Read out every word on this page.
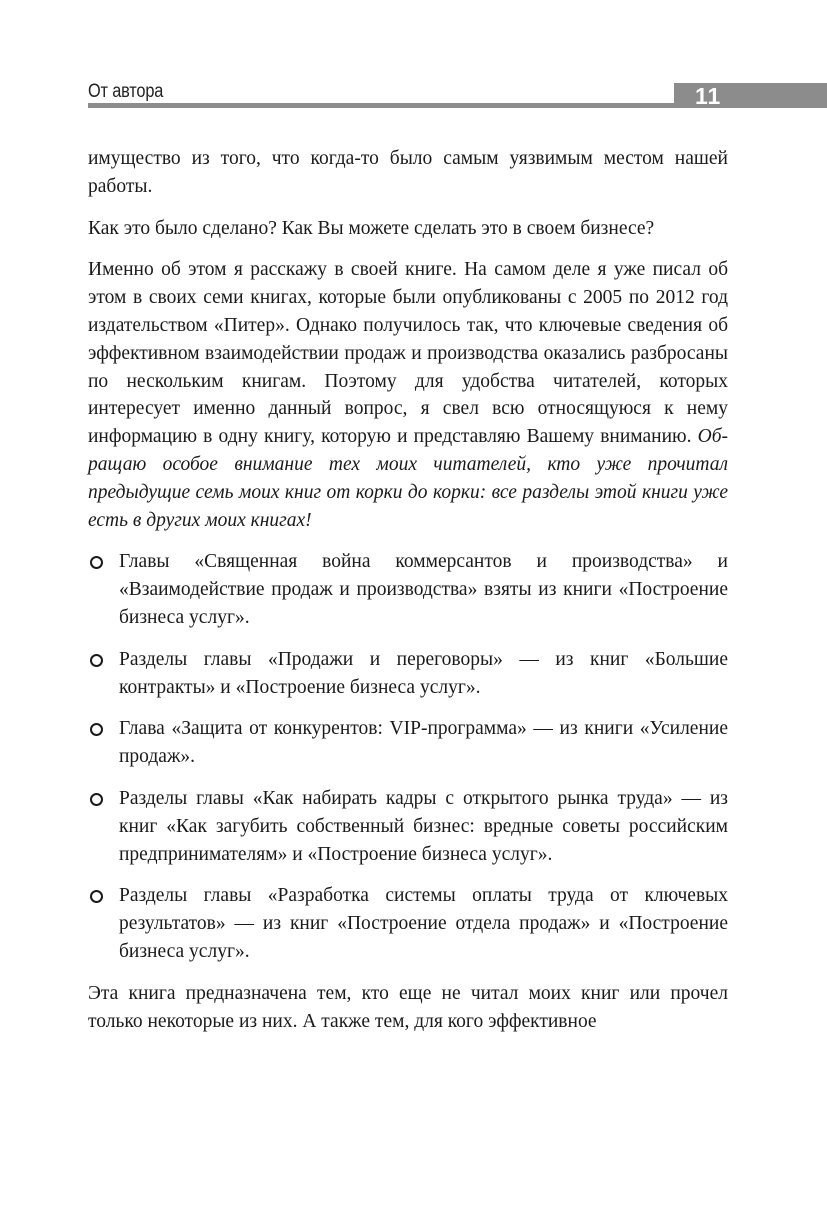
От автора	11

имущество из того, что когда-то было самым уязвимым местом нашей работы.

Как это было сделано? Как Вы можете сделать это в своем бизнесе?

Именно об этом я расскажу в своей книге. На самом деле я уже писал об этом в своих семи книгах, которые были опубликованы с 2005 по 2012 год издательством «Питер». Однако получилось так, что ключевые сведения об эффективном взаимодействии продаж и производства оказались разбросаны по нескольким книгам. Поэтому для удобства читателей, которых интересует именно данный вопрос, я свел всю относящуюся к нему информацию в одну книгу, которую и представляю Вашему вниманию. Обращаю особое внимание тех моих читателей, кто уже прочитал предыдущие семь моих книг от корки до корки: все разделы этой книги уже есть в других моих книгах!

Главы «Священная война коммерсантов и производства» и «Взаимодействие продаж и производства» взяты из книги «Построение бизнеса услуг».
Разделы главы «Продажи и переговоры» — из книг «Большие контракты» и «Построение бизнеса услуг».
Глава «Защита от конкурентов: VIP-программа» — из книги «Усиление продаж».
Разделы главы «Как набирать кадры с открытого рынка труда» — из книг «Как загубить собственный бизнес: вредные советы российским предпринимателям» и «Построение бизнеса услуг».
Разделы главы «Разработка системы оплаты труда от ключевых результатов» — из книг «Построение отдела продаж» и «Построение бизнеса услуг».

Эта книга предназначена тем, кто еще не читал моих книг или прочел только некоторые из них. А также тем, для кого эффективное
